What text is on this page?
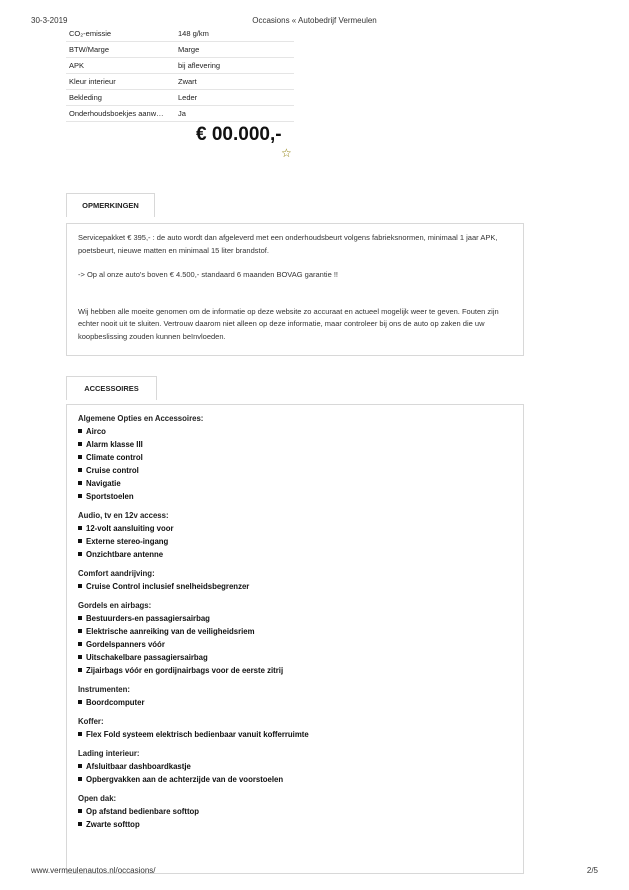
30-3-2019	Occasions « Autobedrijf Vermeulen
CO₂-emissie	148 g/km
BTW/Marge	Marge
APK	bij aflevering
Kleur interieur	Zwart
Bekleding	Leder
Onderhoudsboekjes aanw…	Ja
€ 00.000,-
☆
OPMERKINGEN

Servicepakket € 395,- : de auto wordt dan afgeleverd met een onderhoudsbeurt volgens fabrieksnormen, minimaal 1 jaar APK, poetsbeurt, nieuwe matten en minimaal 15 liter brandstof.

-> Op al onze auto's boven € 4.500,- standaard 6 maanden BOVAG garantie !!

Wij hebben alle moeite genomen om de informatie op deze website zo accuraat en actueel mogelijk weer te geven. Fouten zijn echter nooit uit te sluiten. Vertrouw daarom niet alleen op deze informatie, maar controleer bij ons de auto op zaken die uw koopbeslissing zouden kunnen beïnvloeden.

ACCESSOIRES
Algemene Opties en Accessoires:
Airco
Alarm klasse III
Climate control
Cruise control
Navigatie
Sportstoelen
Audio, tv en 12v access:
12-volt aansluiting voor
Externe stereo-ingang
Onzichtbare antenne
Comfort aandrijving:
Cruise Control inclusief snelheidsbegrenzer
Gordels en airbags:
Bestuurders-en passagiersairbag
Elektrische aanreiking van de veiligheidsriem
Gordelspanners vóór
Uitschakelbare passagiersairbag
Zijairbags vóór en gordijnairbags voor de eerste zitrij
Instrumenten:
Boordcomputer
Koffer:
Flex Fold systeem elektrisch bedienbaar vanuit kofferruimte
Lading interieur:
Afsluitbaar dashboardkastje
Opbergvakken aan de achterzijde van de voorstoelen
Open dak:
Op afstand bedienbare softtop
Zwarte softtop
www.vermeulenautos.nl/occasions/	2/5
